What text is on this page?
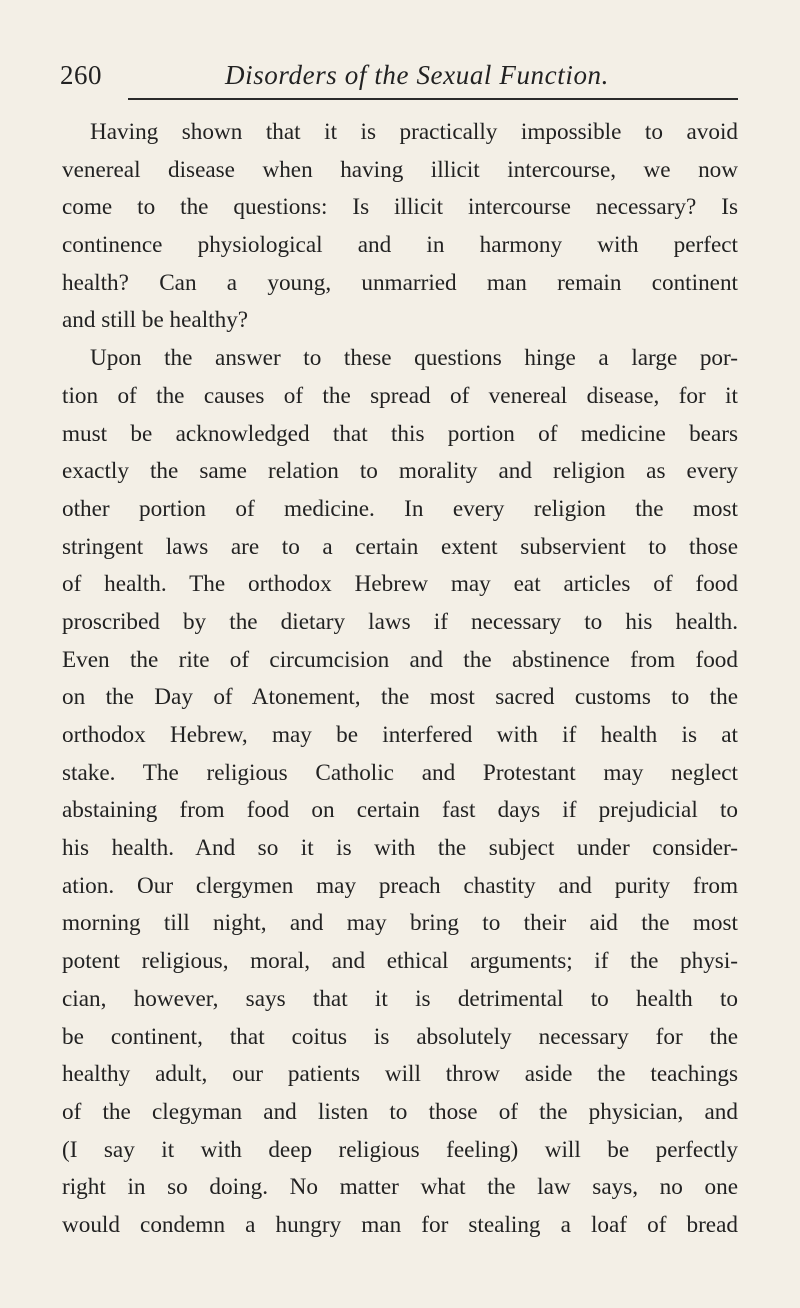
260	Disorders of the Sexual Function.
Having shown that it is practically impossible to avoid
venereal disease when having illicit intercourse, we now
come to the questions: Is illicit intercourse necessary? Is
continence physiological and in harmony with perfect
health? Can a young, unmarried man remain continent
and still be healthy?
Upon the answer to these questions hinge a large por-
tion of the causes of the spread of venereal disease, for it
must be acknowledged that this portion of medicine bears
exactly the same relation to morality and religion as every
other portion of medicine. In every religion the most
stringent laws are to a certain extent subservient to those
of health. The orthodox Hebrew may eat articles of food
proscribed by the dietary laws if necessary to his health.
Even the rite of circumcision and the abstinence from food
on the Day of Atonement, the most sacred customs to the
orthodox Hebrew, may be interfered with if health is at
stake. The religious Catholic and Protestant may neglect
abstaining from food on certain fast days if prejudicial to
his health. And so it is with the subject under consider-
ation. Our clergymen may preach chastity and purity from
morning till night, and may bring to their aid the most
potent religious, moral, and ethical arguments; if the physi-
cian, however, says that it is detrimental to health to
be continent, that coitus is absolutely necessary for the
healthy adult, our patients will throw aside the teachings
of the clegyman and listen to those of the physician, and
(I say it with deep religious feeling) will be perfectly
right in so doing. No matter what the law says, no one
would condemn a hungry man for stealing a loaf of bread
